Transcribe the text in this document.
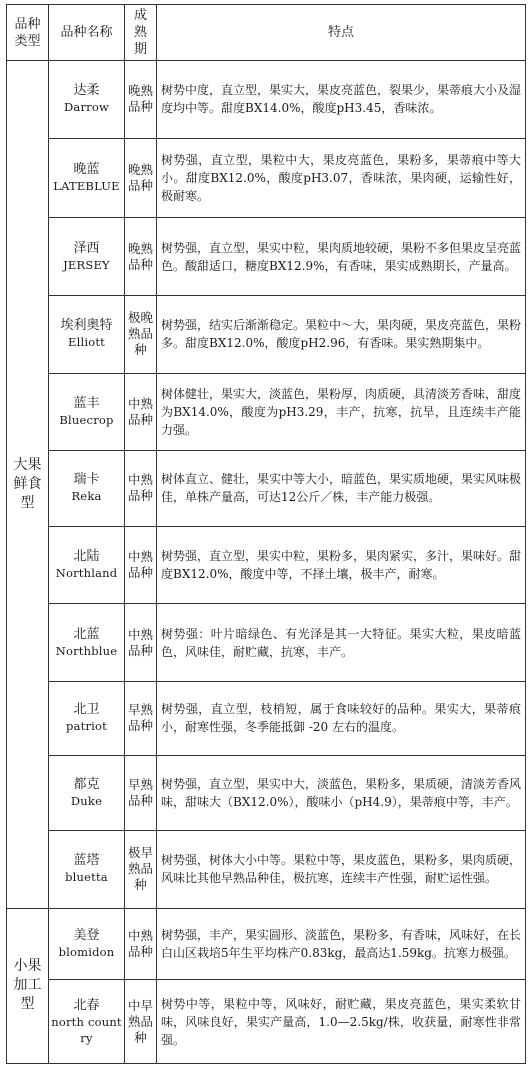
品种类型	品种名称	成熟期	特点
大果鲜食型	达柔
Darrow	晚熟品种	树势中度，直立型，果实大，果皮亮蓝色，裂果少，果蒂痕大小及湿度均中等。甜度BX14.0%，酸度pH3.45，香味浓。

	晚蓝
LATEBLUE	晚熟品种	树势强，直立型，果粒中大，果皮亮蓝色，果粉多，果蒂痕中等大小。甜度BX12.0%，酸度pH3.07，香味浓，果肉硬，运输性好，极耐寒。

	泽西
JERSEY	晚熟品种	树势强，直立型，果实中粒，果肉质地较硬，果粉不多但果皮呈亮蓝色。酸甜适口，糖度BX12.9%，有香味，果实成熟期长，产量高。

	埃利奥特
Elliott	极晚熟品种	树势强，结实后渐渐稳定。果粒中～大，果肉硬，果皮亮蓝色，果粉多。甜度BX12.0%，酸度pH2.96，有香味。果实熟期集中。

	蓝丰
Bluecrop	中熟品种	树体健壮，果实大，淡蓝色，果粉厚，肉质硬，具清淡芳香味，甜度为BX14.0%，酸度为pH3.29，丰产，抗寒，抗旱，且连续丰产能力强。

	瑞卡
Reka	中熟品种	树体直立、健壮，果实中等大小，暗蓝色，果实质地硬，果实风味极佳，单株产量高，可达12公斤／株，丰产能力极强。

	北陆
Northland	中熟品种	树势强，直立型，果实中粒，果粉多，果肉紧实，多汁，果味好。甜度BX12.0%，酸度中等，不择土壤，极丰产，耐寒。

	北蓝
Northblue	中熟品种	树势强：叶片暗绿色、有光泽是其一大特征。果实大粒，果皮暗蓝色，风味佳，耐贮藏，抗寒，丰产。

	北卫
patriot	早熟品种	树势强，直立型，枝梢短，属于食味较好的品种。果实大，果蒂痕小，耐寒性强，冬季能抵御 -20 左右的温度。

	都克
Duke	早熟品种	树势强，直立型，果实中大，淡蓝色，果粉多，果质硬，清淡芳香风味，甜味大（BX12.0%），酸味小（pH4.9），果蒂痕中等，丰产。

	蓝塔
bluetta	极早熟品种	树势强，树体大小中等。果粒中等，果皮蓝色，果粉多，果肉质硬，风味比其他早熟品种佳，极抗寒，连续丰产性强，耐贮运性强。
小果加工型	美登
blomidon	中熟品种	树势强，丰产，果实圆形、淡蓝色，果粉多，有香味，风味好，在长白山区栽培5年生平均株产0.83kg，最高达1.59kg。抗寒力极强。

	北春
north country	中早熟品种	树势中等，果粒中等，风味好，耐贮藏，果皮亮蓝色，果实柔软甘味，风味良好，果实产量高，1.0—2.5kg/株，收获量，耐寒性非常强。
